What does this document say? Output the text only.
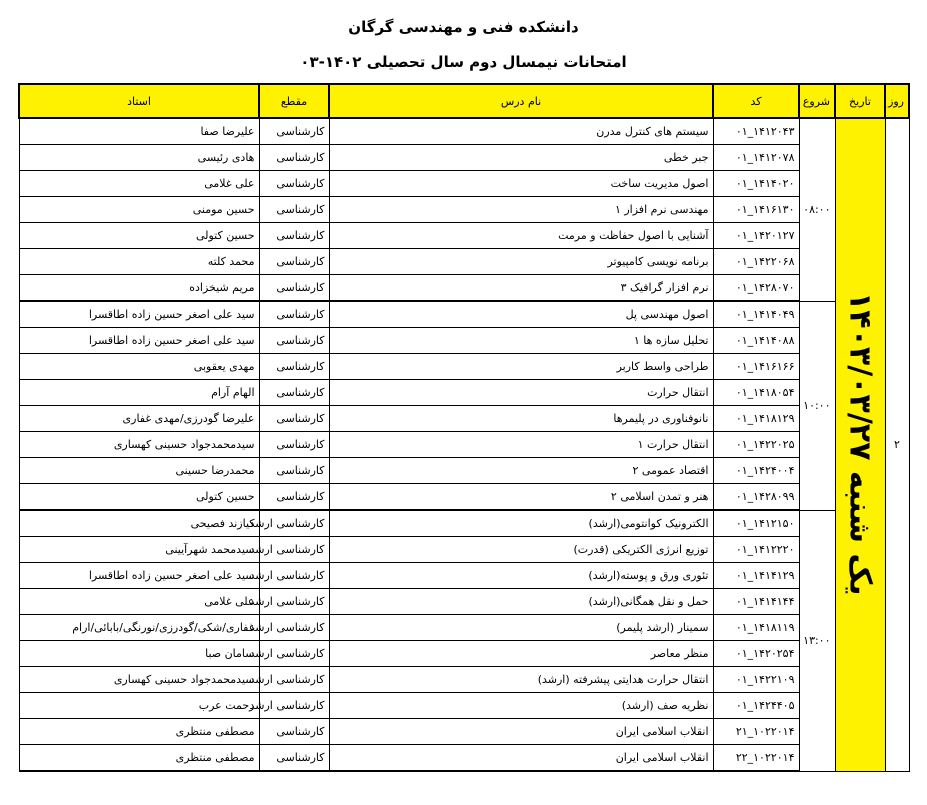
دانشکده فنی و مهندسی گرگان
امتحانات نیمسال دوم سال تحصیلی ۱۴۰۲-۰۳
روز	تاریخ	شروع	کد	نام درس	مقطع	استاد
۲	یک شنبه ۱۴۰۳/۰۳/۲۷	۰۸:۰۰	۱۴۱۲۰۴۳_۰۱	سیستم های کنترل مدرن	کارشناسی	علیرضا صفا
			۱۴۱۲۰۷۸_۰۱	جبر خطی	کارشناسی	هادی رئیسی
			۱۴۱۴۰۲۰_۰۱	اصول مدیریت ساخت	کارشناسی	علی غلامی
			۱۴۱۶۱۳۰_۰۱	مهندسی نرم افزار ۱	کارشناسی	حسین مومنی
			۱۴۲۰۱۲۷_۰۱	آشنایی با اصول حفاظت و مرمت	کارشناسی	حسین کتولی
			۱۴۲۲۰۶۸_۰۱	برنامه نویسی کامپیوتر	کارشناسی	محمد کلته
			۱۴۲۸۰۷۰_۰۱	نرم افزار گرافیک ۳	کارشناسی	مریم شیخزاده
		۱۰:۰۰	۱۴۱۴۰۴۹_۰۱	اصول مهندسی پل	کارشناسی	سید علی اصغر حسین زاده اطاقسرا
			۱۴۱۴۰۸۸_۰۱	تحلیل سازه ها ۱	کارشناسی	سید علی اصغر حسین زاده اطاقسرا
			۱۴۱۶۱۶۶_۰۱	طراحی واسط کاربر	کارشناسی	مهدی یعقوبی
			۱۴۱۸۰۵۴_۰۱	انتقال حرارت	کارشناسی	الهام آرام
			۱۴۱۸۱۲۹_۰۱	نانوفناوری در پلیمرها	کارشناسی	علیرضا گودرزی/مهدی غفاری
			۱۴۲۲۰۲۵_۰۱	انتقال حرارت ۱	کارشناسی	سیدمحمدجواد حسینی کهساری
			۱۴۲۴۰۰۴_۰۱	اقتصاد عمومی ۲	کارشناسی	محمدرضا حسینی
			۱۴۲۸۰۹۹_۰۱	هنر و تمدن اسلامی ۲	کارشناسی	حسین کتولی
		۱۳:۰۰	۱۴۱۲۱۵۰_۰۱	الکترونیک کوانتومی(ارشد)	کارشناسی ارشد	کیازند فصیحی
			۱۴۱۲۲۲۰_۰۱	توزیع انرژی الکتریکی (قدرت)	کارشناسی ارشد	سیدمحمد شهرآیینی
			۱۴۱۴۱۲۹_۰۱	تئوری ورق و پوسته(ارشد)	کارشناسی ارشد	سید علی اصغر حسین زاده اطاقسرا
			۱۴۱۴۱۴۴_۰۱	حمل و نقل همگانی(ارشد)	کارشناسی ارشد	علی غلامی
			۱۴۱۸۱۱۹_۰۱	سمینار (ارشد پلیمر)	کارشناسی ارشد	غفاری/شکی/گودرزی/نورنگی/بابائی/ارام
			۱۴۲۰۲۵۴_۰۱	منظر معاصر	کارشناسی ارشد	سامان صبا
			۱۴۲۲۱۰۹_۰۱	انتقال حرارت هدایتی پیشرفته (ارشد)	کارشناسی ارشد	سیدمحمدجواد حسینی کهساری
			۱۴۲۴۴۰۵_۰۱	نظریه صف (ارشد)	کارشناسی ارشد	رحمت عرب
			۱۰۲۲۰۱۴_۲۱	انقلاب اسلامی ایران	کارشناسی	مصطفی منتظری
			۱۰۲۲۰۱۴_۲۲	انقلاب اسلامی ایران	کارشناسی	مصطفی منتظری
